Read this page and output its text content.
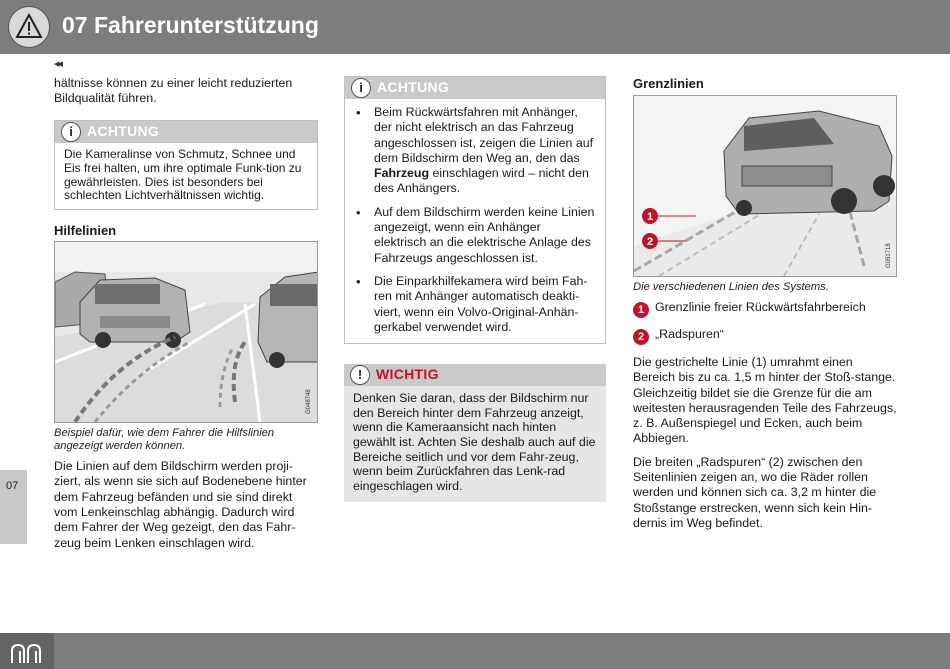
07 Fahrerunterstützung
◂◂
07

hältnisse können zu einer leicht reduzierten Bildqualität führen.

i	ACHTUNG
Die Kameralinse von Schmutz, Schnee und Eis frei halten, um ihre optimale Funk-tion zu gewährleisten. Dies ist besonders bei schlechten Lichtverhältnissen wichtig.
Hilfelinien
G048748

Beispiel dafür, wie dem Fahrer die Hilfslinien angezeigt werden können.

Die Linien auf dem Bildschirm werden proji-ziert, als wenn sie sich auf Bodenebene hinter dem Fahrzeug befänden und sie sind direkt vom Lenkeinschlag abhängig. Dadurch wird dem Fahrer der Weg gezeigt, den das Fahr-zeug beim Lenken einschlagen wird.

i	ACHTUNG
• Beim Rückwärtsfahren mit Anhänger, der nicht elektrisch an das Fahrzeug angeschlossen ist, zeigen die Linien auf dem Bildschirm den Weg an, den das Fahrzeug einschlagen wird – nicht den des Anhängers.
• Auf dem Bildschirm werden keine Linien angezeigt, wenn ein Anhänger elektrisch an die elektrische Anlage des Fahrzeugs angeschlossen ist.
• Die Einparkhilfekamera wird beim Fah-ren mit Anhänger automatisch deakti-viert, wenn ein Volvo-Original-Anhän-gerkabel verwendet wird.
! WICHTIG
Denken Sie daran, dass der Bildschirm nur den Bereich hinter dem Fahrzeug anzeigt, wenn die Kameraansicht nach hinten gewählt ist. Achten Sie deshalb auch auf die Bereiche seitlich und vor dem Fahr-zeug, wenn beim Zurückfahren das Lenk-rad eingeschlagen wird.
Grenzlinien
1
2
G051718

Die verschiedenen Linien des Systems.

1 Grenzlinie freier Rückwärtsfahrbereich
2 „Radspuren“

Die gestrichelte Linie (1) umrahmt einen Bereich bis zu ca. 1,5 m hinter der Stoß-stange. Gleichzeitig bildet sie die Grenze für die am weitesten herausragenden Teile des Fahrzeugs, z. B. Außenspiegel und Ecken, auch beim Abbiegen.

Die breiten „Radspuren“ (2) zwischen den Seitenlinien zeigen an, wo die Räder rollen werden und können sich ca. 3,2 m hinter die Stoßstange erstrecken, wenn sich kein Hin-dernis im Weg befindet.
